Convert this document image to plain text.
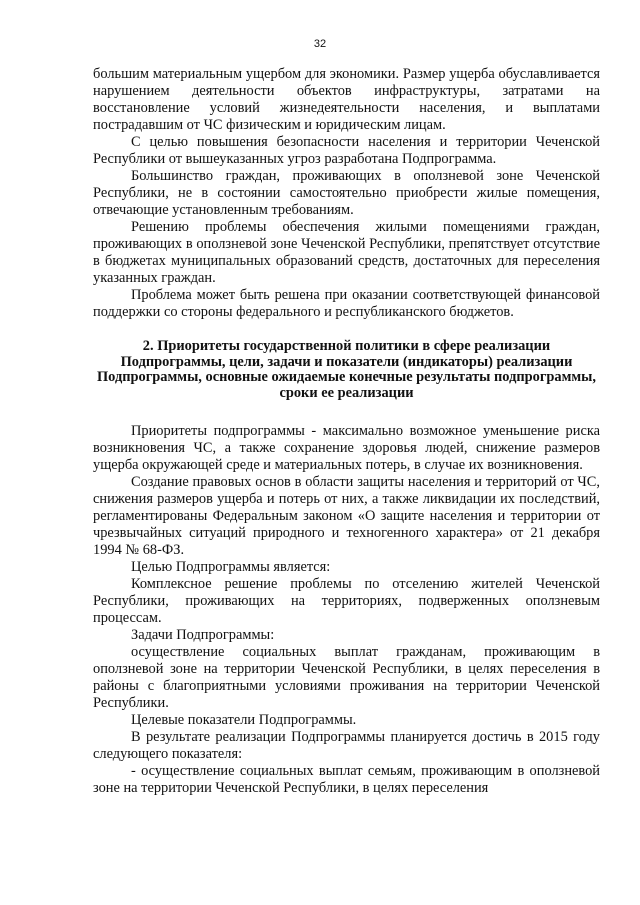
32

большим материальным ущербом для экономики. Размер ущерба обуславливается нарушением деятельности объектов инфраструктуры, затратами на восстановление условий жизнедеятельности населения, и выплатами пострадавшим от ЧС физическим и юридическим лицам.

С целью повышения безопасности населения и территории Чеченской Республики от вышеуказанных угроз разработана Подпрограмма.

Большинство граждан, проживающих в оползневой зоне Чеченской Республики, не в состоянии самостоятельно приобрести жилые помещения, отвечающие установленным требованиям.

Решению проблемы обеспечения жилыми помещениями граждан, проживающих в оползневой зоне Чеченской Республики, препятствует отсутствие в бюджетах муниципальных образований средств, достаточных для переселения указанных граждан.

Проблема может быть решена при оказании соответствующей финансовой поддержки со стороны федерального и республиканского бюджетов.

2. Приоритеты государственной политики в сфере реализации Подпрограммы, цели, задачи и показатели (индикаторы) реализации Подпрограммы, основные ожидаемые конечные результаты подпрограммы, сроки ее реализации

Приоритеты подпрограммы - максимально возможное уменьшение риска возникновения ЧС, а также сохранение здоровья людей, снижение размеров ущерба окружающей среде и материальных потерь, в случае их возникновения.

Создание правовых основ в области защиты населения и территорий от ЧС, снижения размеров ущерба и потерь от них, а также ликвидации их последствий, регламентированы Федеральным законом «О защите населения и территории от чрезвычайных ситуаций природного и техногенного характера» от 21 декабря 1994 № 68-ФЗ.

Целью Подпрограммы является:

Комплексное решение проблемы по отселению жителей Чеченской Республики, проживающих на территориях, подверженных оползневым процессам.

Задачи Подпрограммы:

осуществление социальных выплат гражданам, проживающим в оползневой зоне на территории Чеченской Республики, в целях переселения в районы с благоприятными условиями проживания на территории Чеченской Республики.

Целевые показатели Подпрограммы.

В результате реализации Подпрограммы планируется достичь в 2015 году следующего показателя:

- осуществление социальных выплат семьям, проживающим в оползневой зоне на территории Чеченской Республики, в целях переселения
